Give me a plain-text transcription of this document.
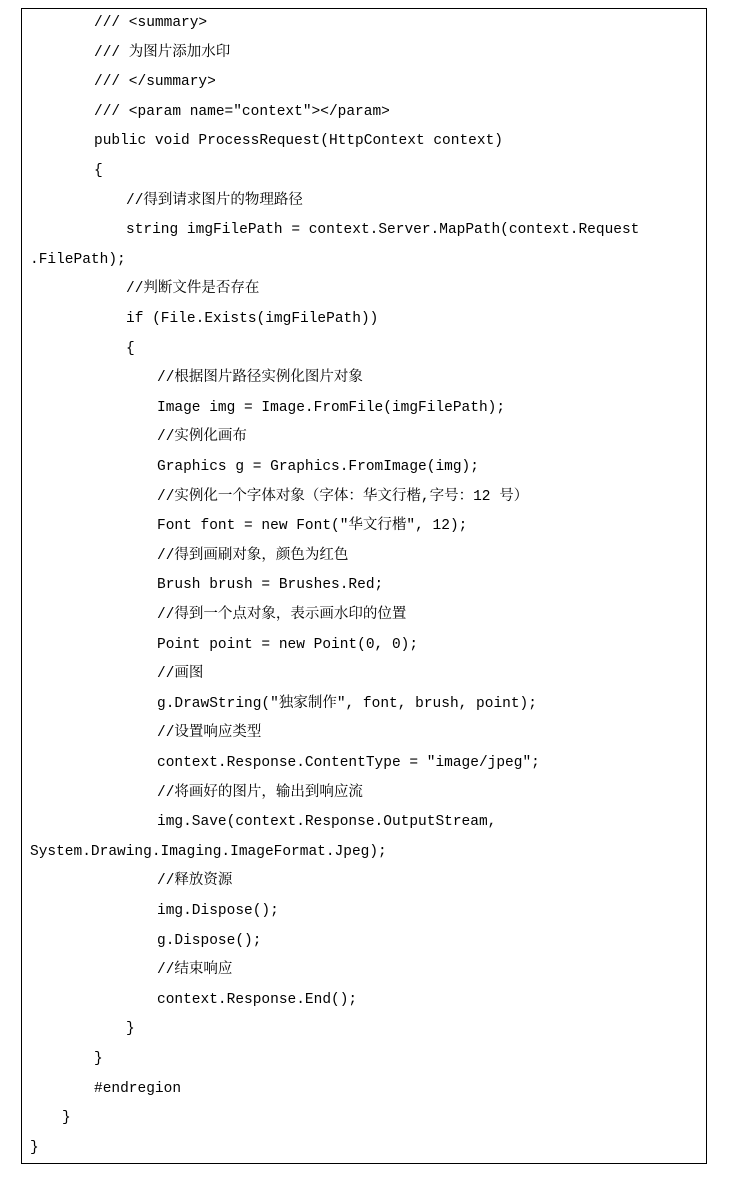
/// <summary>
/// 为图片添加水印
/// </summary>
/// <param name="context"></param>
public void ProcessRequest(HttpContext context)
{
//得到请求图片的物理路径
string imgFilePath = context.Server.MapPath(context.Request
.FilePath);
//判断文件是否存在
if (File.Exists(imgFilePath))
{
//根据图片路径实例化图片对象
Image img = Image.FromFile(imgFilePath);
//实例化画布
Graphics g = Graphics.FromImage(img);
//实例化一个字体对象（字体：华文行楷,字号：12 号）
Font font = new Font("华文行楷", 12);
//得到画刷对象，颜色为红色
Brush brush = Brushes.Red;
//得到一个点对象，表示画水印的位置
Point point = new Point(0, 0);
//画图
g.DrawString("独家制作", font, brush, point);
//设置响应类型
context.Response.ContentType = "image/jpeg";
//将画好的图片，输出到响应流
img.Save(context.Response.OutputStream,
System.Drawing.Imaging.ImageFormat.Jpeg);
//释放资源
img.Dispose();
g.Dispose();
//结束响应
context.Response.End();
}
}
#endregion
}
}
